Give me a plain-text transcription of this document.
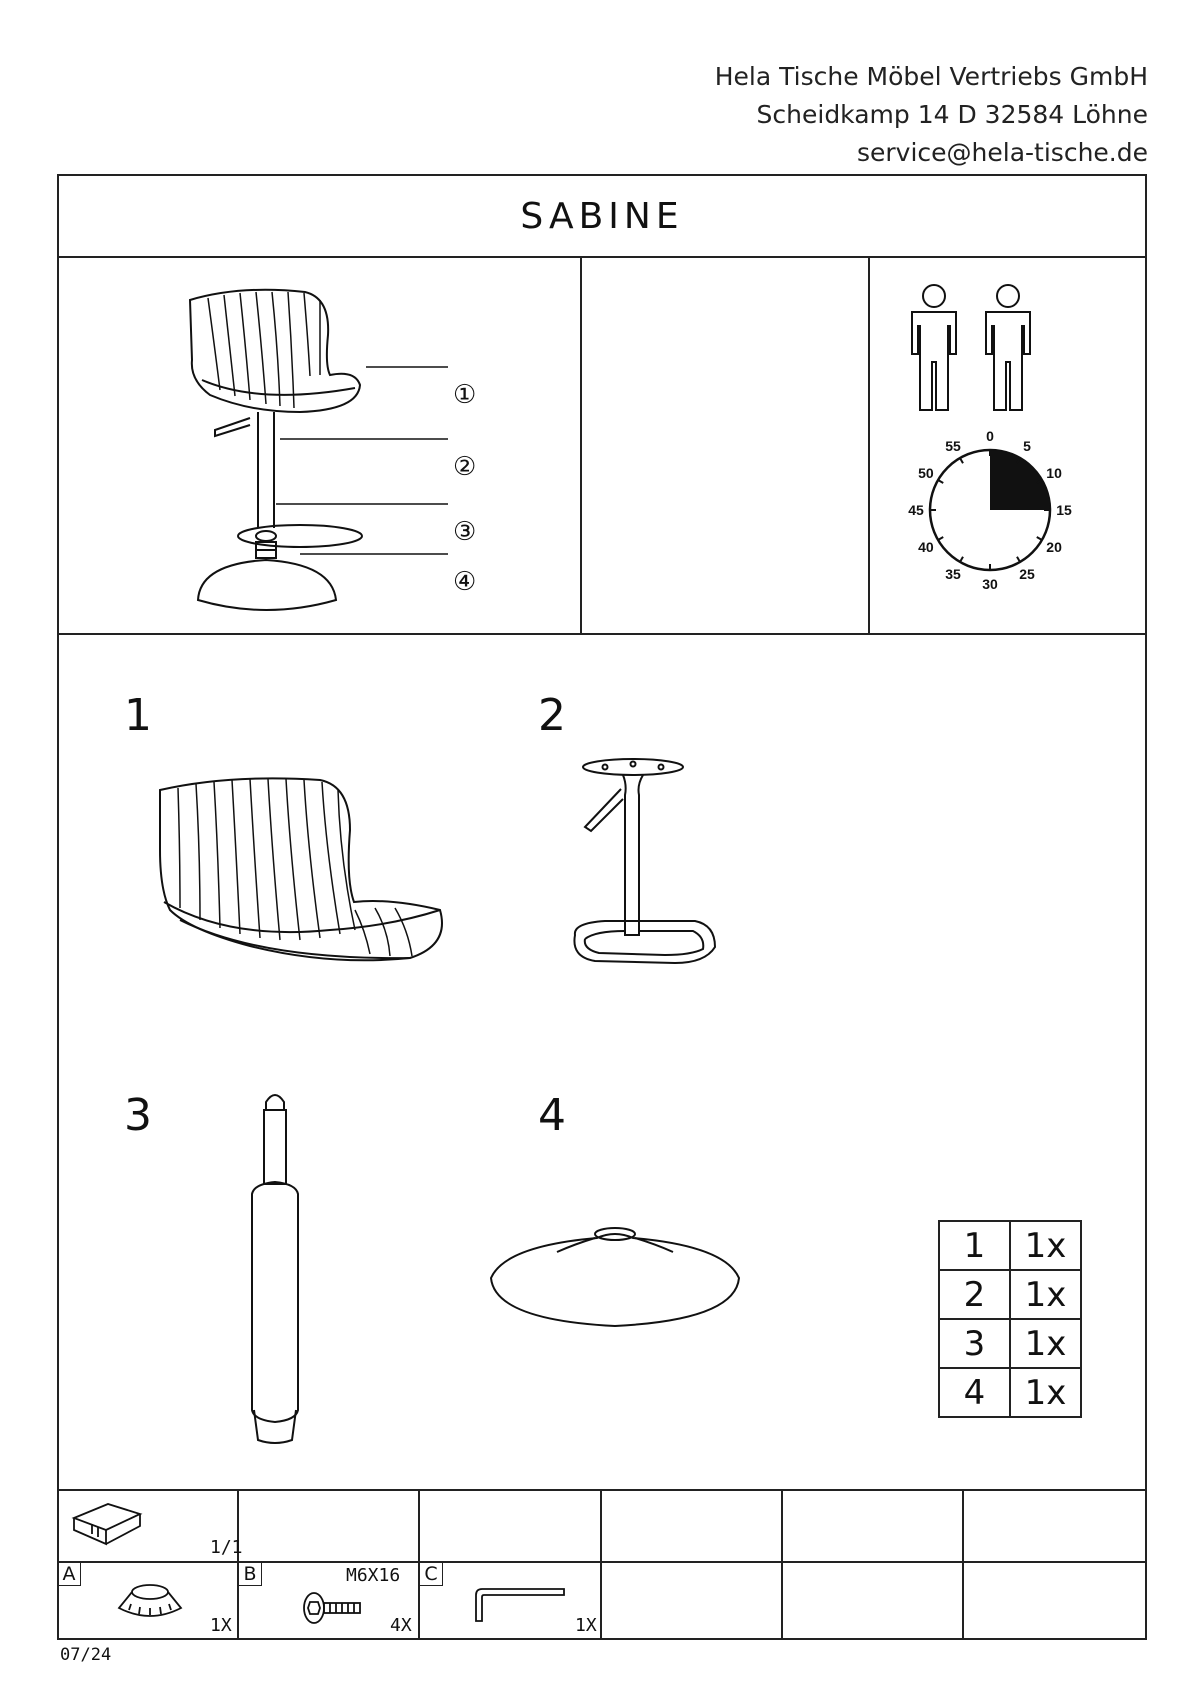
Hela Tische Möbel Vertriebs GmbH
Scheidkamp 14 D 32584 Löhne
service@hela-tische.de
SABINE
①
②
③
④
0
5
10
15
20
25
30
35
40
45
50
55
1	2
3	4
1	1x
2	1x
3	1x
4	1x
1/1
A
1X
B	M6X16
4X
C
1X
07/24
